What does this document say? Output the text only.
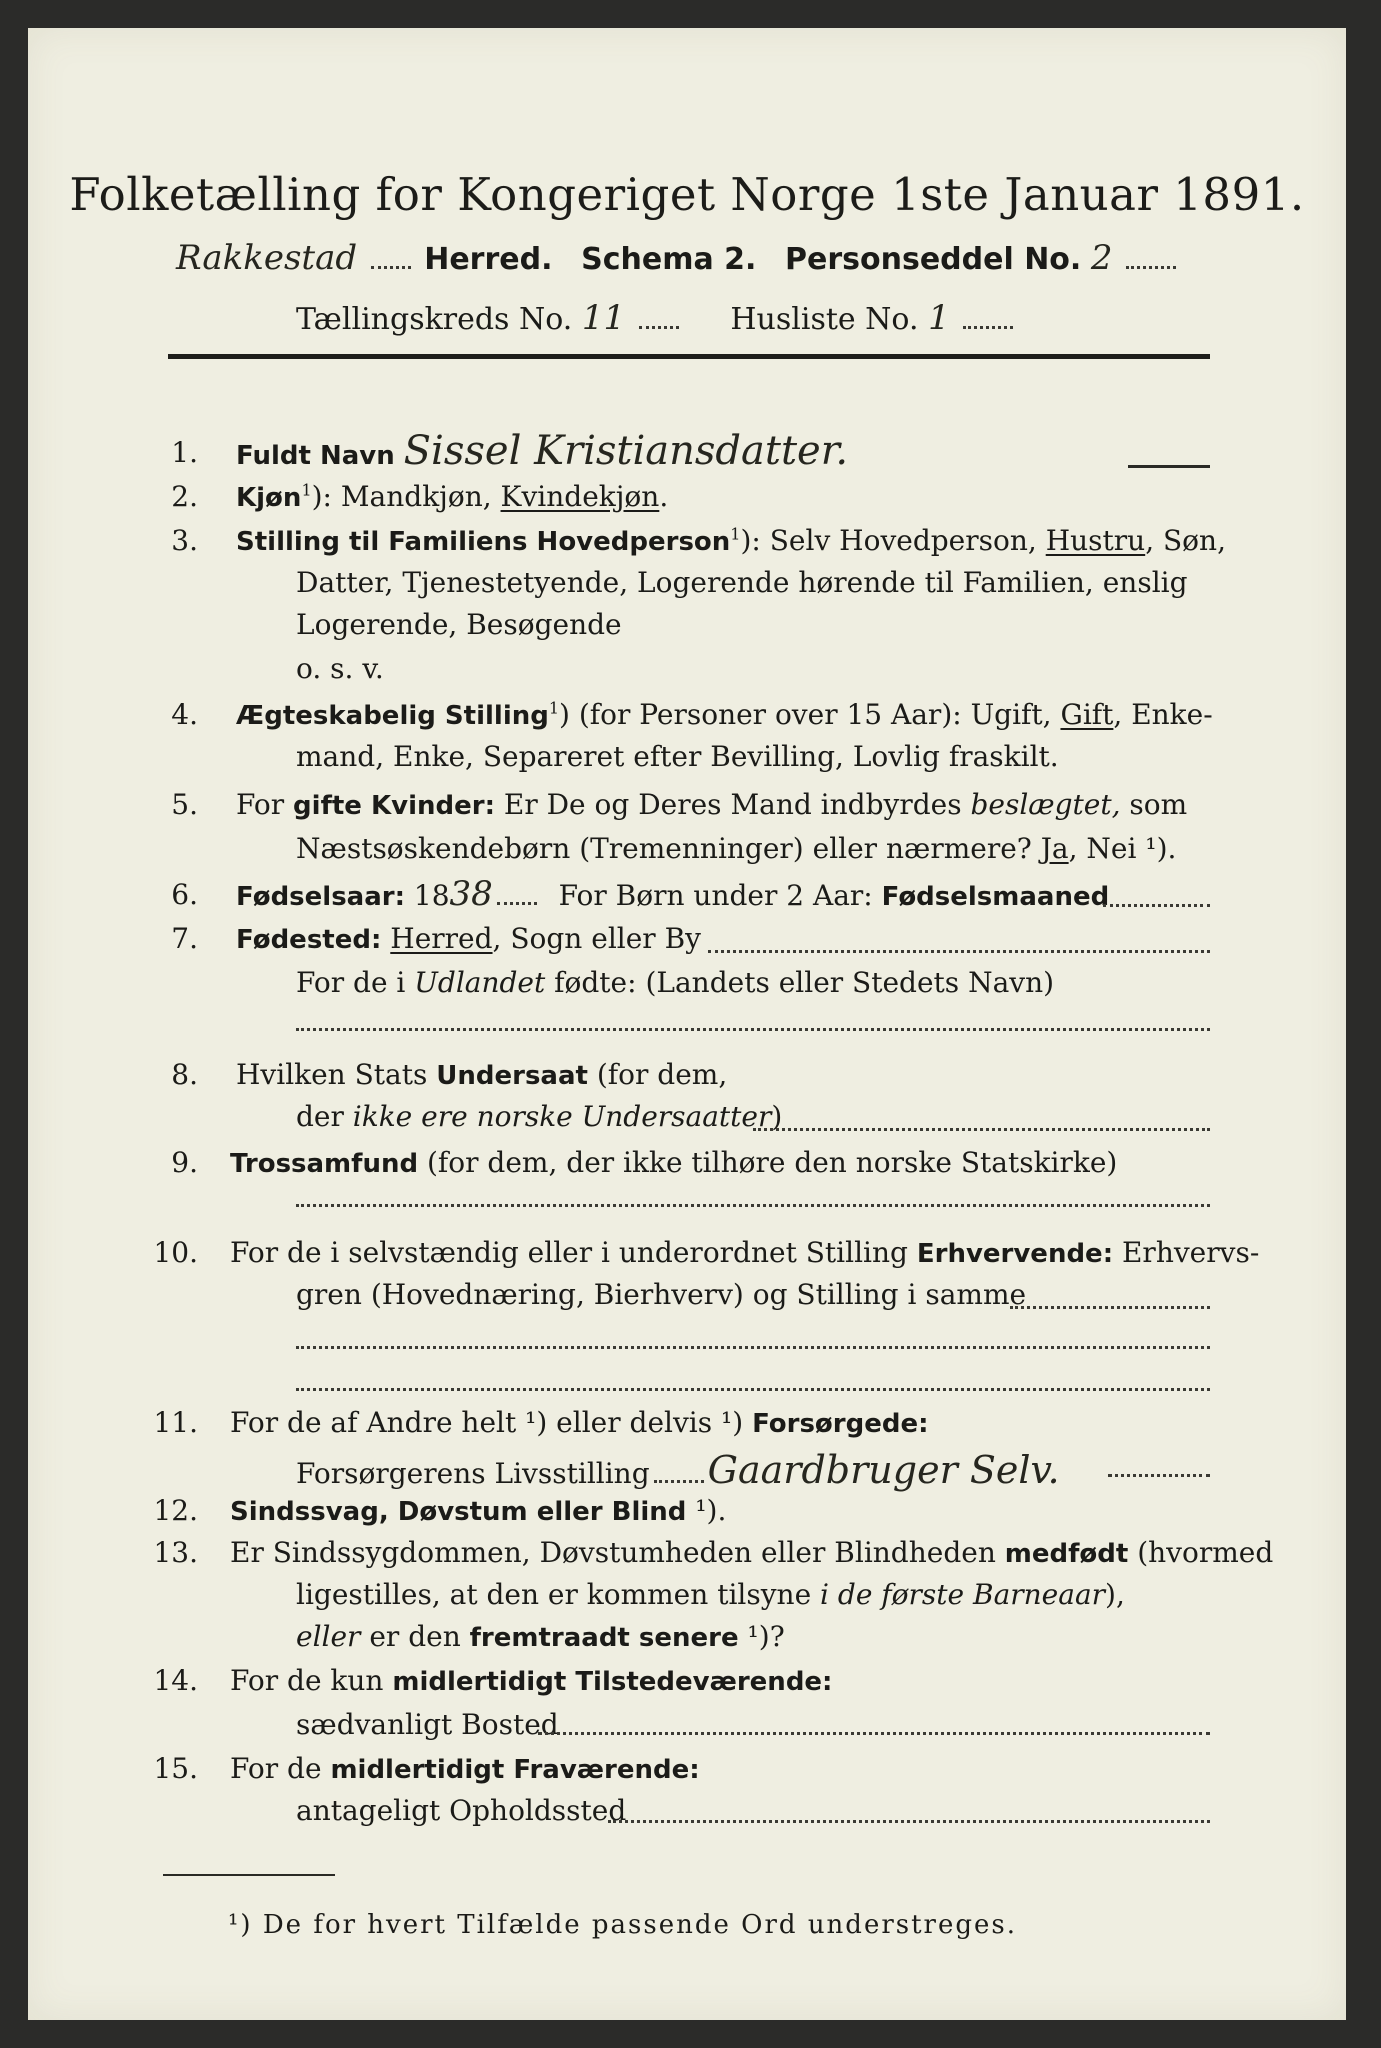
Folketælling for Kongeriget Norge 1ste Januar 1891.
Rakkestad Herred. Schema 2. Personseddel No. 2
Tællingskreds No. 11	Husliste No. 1
1. Fuldt Navn Sissel Kristiansdatter.
2. Kjøn$^1$): Mandkjøn, Kvindekjøn.
3. Stilling til Familiens Hovedperson$^1$): Selv Hovedperson, Hustru, Søn,
Datter, Tjenestetyende, Logerende hørende til Familien, enslig
Logerende, Besøgende
o. s. v.
4. Ægteskabelig Stilling$^1$) (for Personer over 15 Aar): Ugift, Gift, Enke-
mand, Enke, Separeret efter Bevilling, Lovlig fraskilt.
5. For gifte Kvinder: Er De og Deres Mand indbyrdes beslægtet, som
Næstsøskendebørn (Tremenninger) eller nærmere? Ja, Nei ¹).
6. Fødselsaar: 1838 For Børn under 2 Aar: Fødselsmaaned
7. Fødested: Herred, Sogn eller By
For de i Udlandet fødte: (Landets eller Stedets Navn)
8. Hvilken Stats Undersaat (for dem,
der ikke ere norske Undersaatter)
9. Trossamfund (for dem, der ikke tilhøre den norske Statskirke)
10. For de i selvstændig eller i underordnet Stilling Erhvervende: Erhvervs-
gren (Hovednæring, Bierhverv) og Stilling i samme
11. For de af Andre helt ¹) eller delvis ¹) Forsørgede:
Forsørgerens Livsstilling Gaardbruger Selv.
12. Sindssvag, Døvstum eller Blind ¹).
13. Er Sindssygdommen, Døvstumheden eller Blindheden medfødt (hvormed
ligestilles, at den er kommen tilsyne i de første Barneaar),
eller er den fremtraadt senere ¹)?
14. For de kun midlertidigt Tilstedeværende:
sædvanligt Bosted
15. For de midlertidigt Fraværende:
antageligt Opholdssted
¹) De for hvert Tilfælde passende Ord understreges.
